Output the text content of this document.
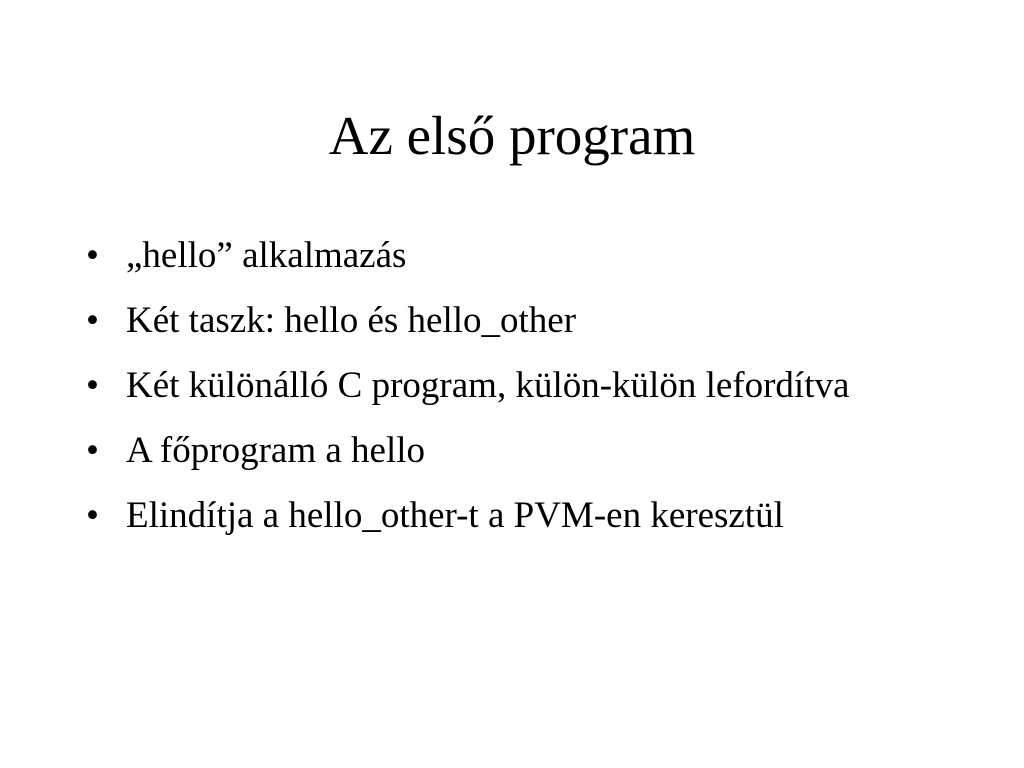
Az első program
• „hello” alkalmazás
• Két taszk: hello és hello_other
• Két különálló C program, külön-külön lefordítva
• A főprogram a hello
• Elindítja a hello_other-t a PVM-en keresztül
